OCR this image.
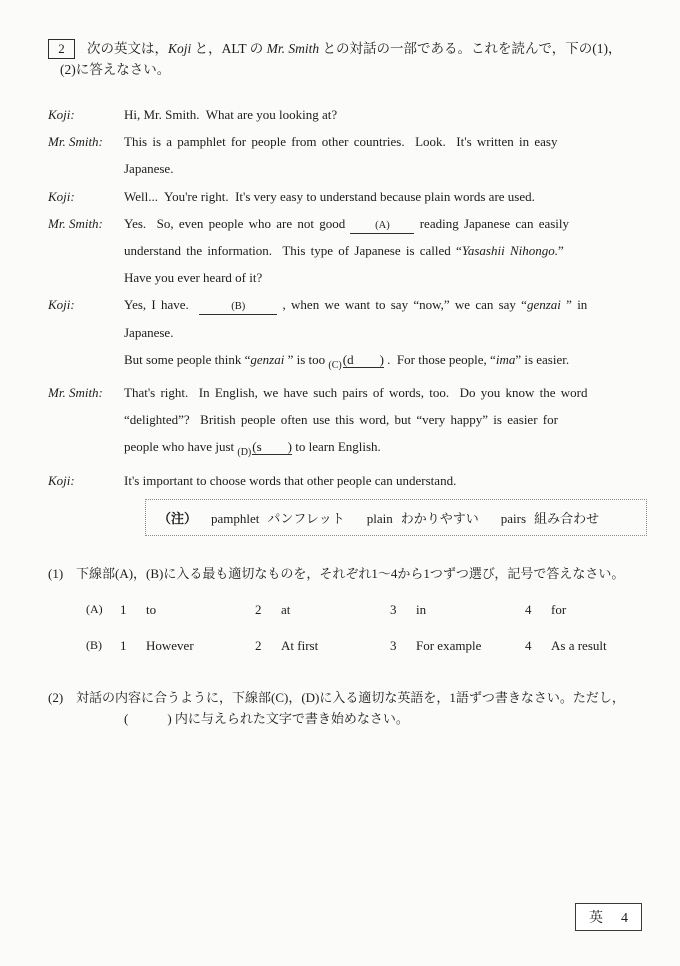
2	次の英文は，Koji と，ALT の Mr. Smith との対話の一部である。これを読んで，下の(1)，
(2)に答えなさい。
Koji:	Hi, Mr. Smith.  What are you looking at?
Mr. Smith:	This is a pamphlet for people from other countries.  Look.  It's written in easy
Japanese.
Koji:	Well...  You're right.  It's very easy to understand because plain words are used.
Mr. Smith:	Yes.  So, even people who are not good (A) reading Japanese can easily
understand the information.  This type of Japanese is called “Yasashii Nihongo.”
Have you ever heard of it?
Koji:	Yes, I have.	(B) , when we want to say “now,” we can say “genzai ” in Japanese.
But some people think “genzai ” is too $_{(C)}$(d        ) .  For those people, “ima” is easier.
Mr. Smith:	That's right.  In English, we have such pairs of words, too.  Do you know the word
“delighted”?  British people often use this word, but “very happy” is easier for
people who have just $_{(D)}$(s        ) to learn English.
Koji:	It's important to choose words that other people can understand.
（注） pamphlet パンフレット plain わかりやすい pairs 組み合わせ
(1) 下線部(A)，(B)に入る最も適切なものを，それぞれ1～4から1つずつ選び，記号で答えなさい。
(A)	1	to	2	at	3	in	4	for
(B)	1	However	2	At first	3	For example	4	As a result
(2) 対話の内容に合うように，下線部(C)，(D)に入る適切な英語を，1語ずつ書きなさい。ただし，
(　　　) 内に与えられた文字で書き始めなさい。
英 4
